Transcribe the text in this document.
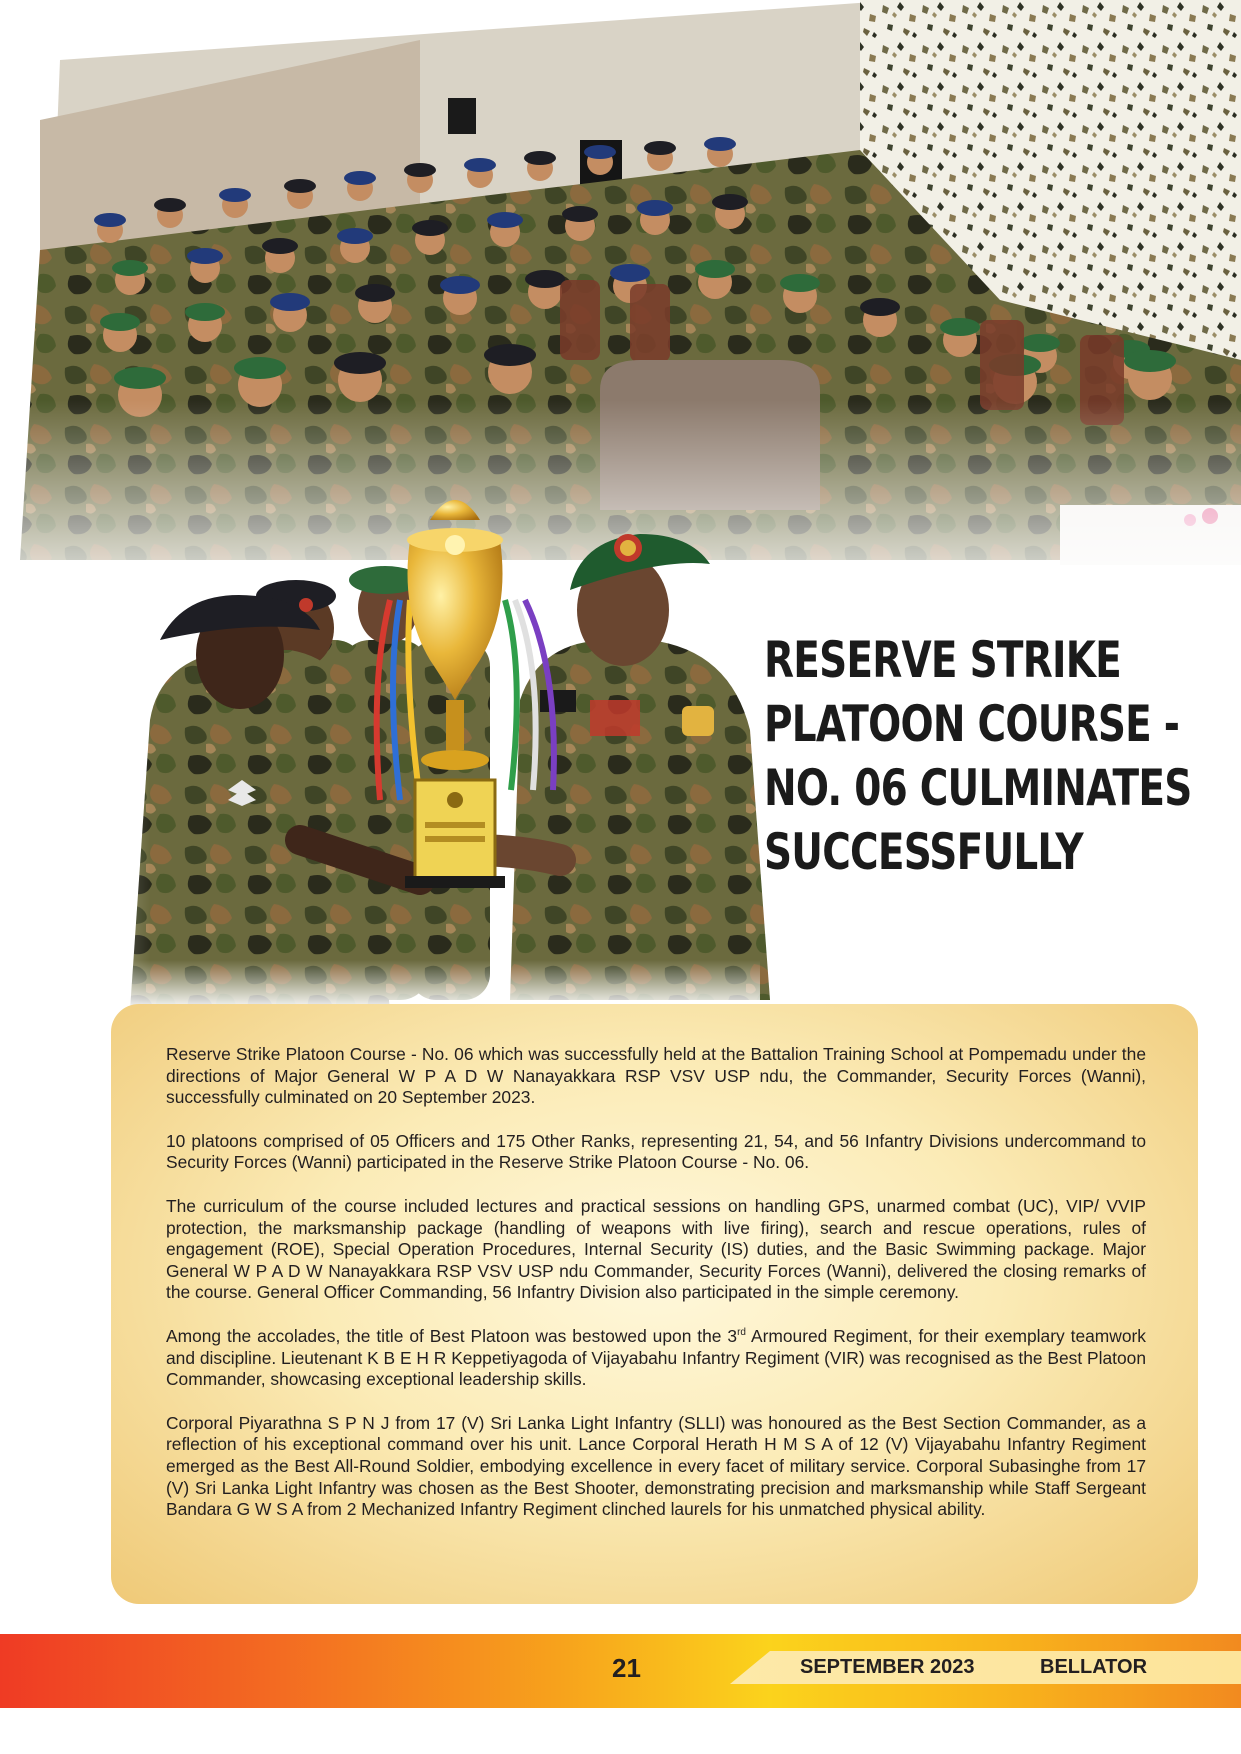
RESERVE STRIKE
PLATOON COURSE -
NO. 06 CULMINATES
SUCCESSFULLY

Reserve Strike Platoon Course - No. 06 which was successfully held at the Battalion Training School at Pompemadu under the directions of Major General W P A D W Nanayakkara RSP VSV USP ndu, the Commander, Security Forces (Wanni), successfully culminated on 20 September 2023.

10 platoons comprised of 05 Officers and 175 Other Ranks, representing 21, 54, and 56 Infantry Divisions undercommand to Security Forces (Wanni) participated in the Reserve Strike Platoon Course - No. 06.

The curriculum of the course included lectures and practical sessions on handling GPS, unarmed combat (UC), VIP/ VVIP protection, the marksmanship package (handling of weapons with live firing), search and rescue operations, rules of engagement (ROE), Special Operation Procedures, Internal Security (IS) duties, and the Basic Swimming package. Major General W P A D W Nanayakkara RSP VSV USP ndu Commander, Security Forces (Wanni), delivered the closing remarks of the course. General Officer Commanding, 56 Infantry Division also participated in the simple ceremony.

Among the accolades, the title of Best Platoon was bestowed upon the 3rd Armoured Regiment, for their exemplary teamwork and discipline. Lieutenant K B E H R Keppetiyagoda of Vijayabahu Infantry Regiment (VIR) was recognised as the Best Platoon Commander, showcasing exceptional leadership skills.

Corporal Piyarathna S P N J from 17 (V) Sri Lanka Light Infantry (SLLI) was honoured as the Best Section Commander, as a reflection of his exceptional command over his unit. Lance Corporal Herath H M S A of 12 (V) Vijayabahu Infantry Regiment emerged as the Best All-Round Soldier, embodying excellence in every facet of military service. Corporal Subasinghe from 17 (V) Sri Lanka Light Infantry was chosen as the Best Shooter, demonstrating precision and marksmanship while Staff Sergeant Bandara G W S A from 2 Mechanized Infantry Regiment clinched laurels for his unmatched physical ability.

21	SEPTEMBER 2023	BELLATOR
